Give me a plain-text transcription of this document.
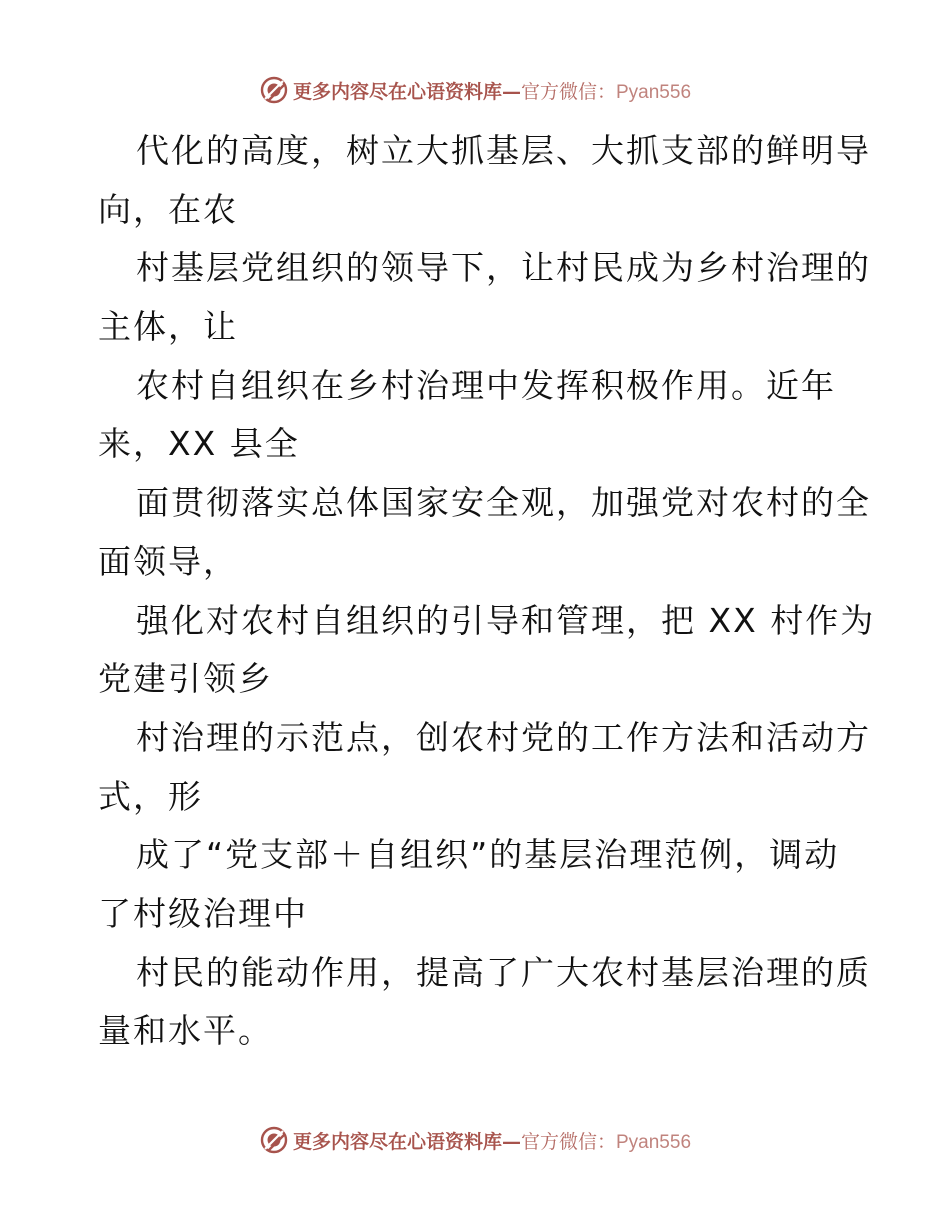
更多内容尽在心语资料库—官方微信：Pyan556
代化的高度，树立大抓基层、大抓支部的鲜明导
向，在农
村基层党组织的领导下，让村民成为乡村治理的
主体，让
农村自组织在乡村治理中发挥积极作用。近年
来，XX 县全
面贯彻落实总体国家安全观，加强党对农村的全
面领导，
强化对农村自组织的引导和管理，把 XX 村作为
党建引领乡
村治理的示范点，创农村党的工作方法和活动方
式，形
成了“党支部＋自组织”的基层治理范例，调动
了村级治理中
村民的能动作用，提高了广大农村基层治理的质
量和水平。
更多内容尽在心语资料库—官方微信：Pyan556
